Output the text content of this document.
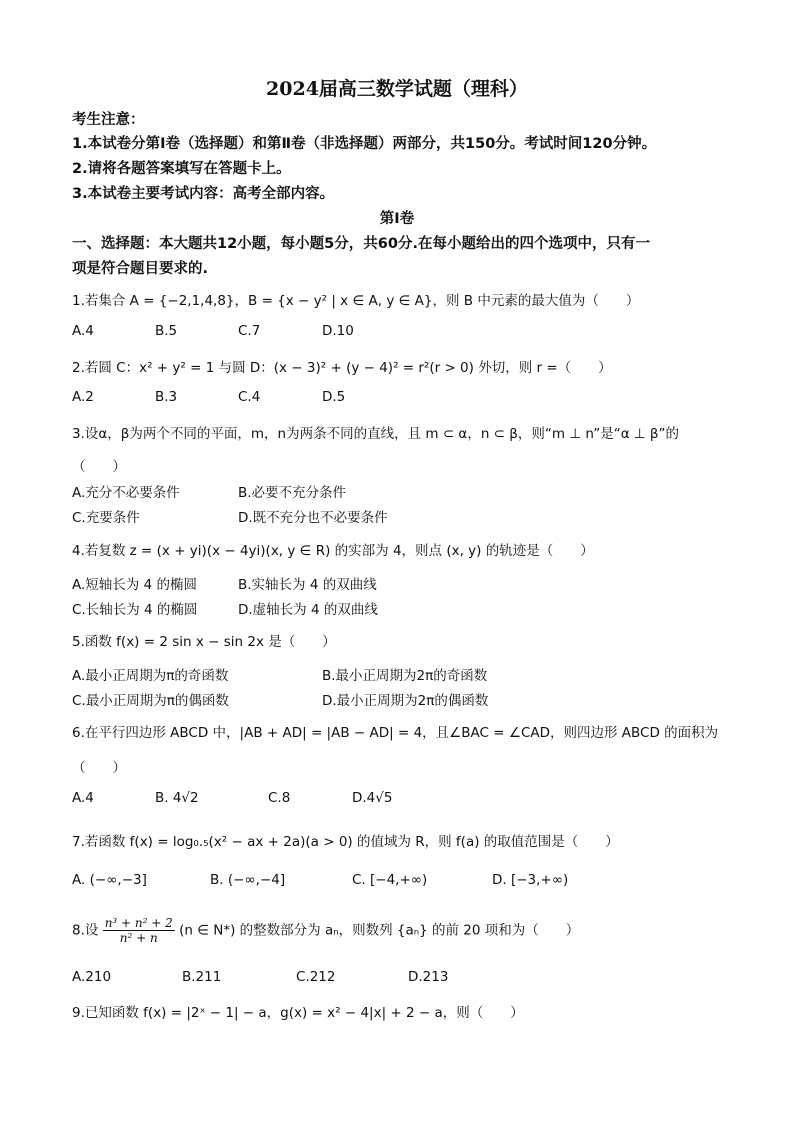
2024届高三数学试题（理科）
考生注意：
1.本试卷分第Ⅰ卷（选择题）和第Ⅱ卷（非选择题）两部分，共150分。考试时间120分钟。
2.请将各题答案填写在答题卡上。
3.本试卷主要考试内容：高考全部内容。
第Ⅰ卷
一、选择题：本大题共12小题，每小题5分，共60分.在每小题给出的四个选项中，只有一
项是符合题目要求的.
1.若集合 A = {−2,1,4,8}，B = {x − y² | x ∈ A, y ∈ A}，则 B 中元素的最大值为（　　）
A.4	B.5	C.7	D.10
2.若圆 C：x² + y² = 1 与圆 D：(x − 3)² + (y − 4)² = r²(r > 0) 外切，则 r =（　　）
A.2	B.3	C.4	D.5
3.设α，β为两个不同的平面，m，n为两条不同的直线，且 m ⊂ α，n ⊂ β，则“m ⊥ n”是“α ⊥ β”的
（　　）
A.充分不必要条件	B.必要不充分条件
C.充要条件	D.既不充分也不必要条件
4.若复数 z = (x + yi)(x − 4yi)(x, y ∈ R) 的实部为 4，则点 (x, y) 的轨迹是（　　）
A.短轴长为 4 的椭圆	B.实轴长为 4 的双曲线
C.长轴长为 4 的椭圆	D.虚轴长为 4 的双曲线
5.函数 f(x) = 2 sin x − sin 2x 是（　　）
A.最小正周期为π的奇函数	B.最小正周期为2π的奇函数
C.最小正周期为π的偶函数	D.最小正周期为2π的偶函数
6.在平行四边形 ABCD 中，|AB + AD| = |AB − AD| = 4，且∠BAC = ∠CAD，则四边形 ABCD 的面积为
（　　）
A.4	B. 4√2	C.8	D.4√5
7.若函数 f(x) = log₀.₅(x² − ax + 2a)(a > 0) 的值域为 R，则 f(a) 的取值范围是（　　）
A. (−∞,−3]	B. (−∞,−4]	C. [−4,+∞)	D. [−3,+∞)
8.设 $\frac{\text{n³ + n² + 2}}{\text{n² + n}} (n$ ∈ N*) 的整数部分为 aₙ，则数列 {aₙ} 的前 20 项和为（　　）
A.210	B.211	C.212	D.213
9.已知函数 f(x) = |2ˣ − 1| − a，g(x) = x² − 4|x| + 2 − a，则（　　）
